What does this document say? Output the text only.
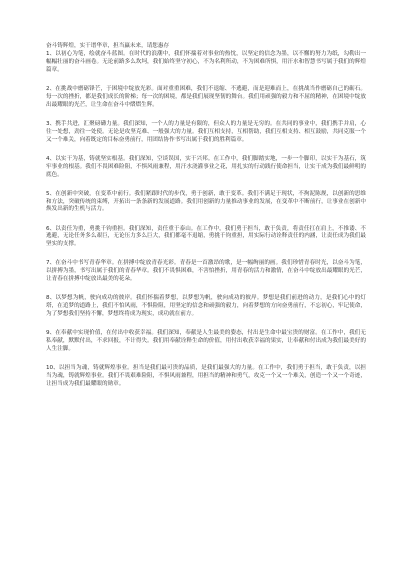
奋斗铸辉煌，实干谱华章，担当赢未来，请您惠存
1、以初心为笔，绘就奋斗蓝图。在时代的浪潮中，我们怀揣着对事业的热忱，以坚定的信念为墨，以不懈的努力为纸，勾勒出一幅幅壮丽的奋斗画卷。无论前路多么坎坷，我们始终坚守初心，不为名利所动，不为困难所惧，用汗水和智慧书写属于我们的辉煌篇章。
2、在挑战中磨砺锋芒，于困境中绽放光彩。面对重重困难，我们不退缩、不逃避，而是迎难而上，在挑战当作磨砺自己的砺石。每一次的挫折，都是我们成长的阶梯；每一次的困境，都是我们展现坚韧的舞台。我们用顽强的毅力和不屈的精神，在困境中绽放出最耀眼的光芒，让生命在奋斗中熠熠生辉。
3、携手共进，汇聚磅礴力量。我们深知，一个人的力量是有限的，但众人的力量是无穷的。在共同的事业中，我们携手并肩，心往一处想，劲往一处使。无论是攻坚克难、一般强大的力量。我们互相支持，互相帮助，我们互相支持、相互鼓励，共同克服一个又一个难关，向着既定的目标奋勇前行，用团结协作书写出属于我们的胜利篇章。
4、以实干为基，铸就坚实根基。我们深知，空谈误国，实干兴邦。在工作中，我们脚踏实地，一步一个脚印，以实干为基石，筑牢事业的根基。我们不畏困难险阻，不惧风雨兼程，用汗水浇灌事业之花，用扎实的行动践行使命担当，让实干成为我们最鲜明的底色。
5、在创新中突破，在变革中前行。我们紧跟时代的步伐，勇于创新，敢于变革。我们不满足于现状，不拘泥陈规，以创新的思维和方法，突破传统的束缚，开拓出一条条新的发展道路。我们用创新的力量推动事业的发展，在变革中不断前行，让事业在创新中焕发出新的生机与活力。
6、以责任为重，勇挑千钧重担。我们深知，责任重于泰山。在工作中，我们勇于担当，敢于负责，将责任扛在肩上，不推诿、不逃避，无论任务多么艰巨，无论压力多么巨大，我们都毫不退缩，勇挑千钧重担，用实际行动诠释责任的内涵，让责任成为我们最坚实的支撑。
7、在奋斗中书写青春华章。在拼搏中绽放青春光彩。青春是一首激昂的歌，是一幅绚丽的画。我们珍惜青春时光，以奋斗为笔，以拼搏为墨，书写出属于我们的青春华章。我们不畏惧困难，不害怕挫折，用青春的活力和激情，在奋斗中绽放出最耀眼的光芒，让青春在拼搏中绽放出最美的花朵。
8、以梦想为帆，驶向成功的彼岸。我们怀揣着梦想，以梦想为帆，驶向成功的彼岸。梦想是我们前进的动力，是我们心中的灯塔，在追梦的道路上，我们不怕风雨，不惧险阻，用坚定的信念和顽强的毅力，向着梦想的方向奋勇前行，不忘初心，牢记使命，为了梦想我们坚持不懈，梦想终将成为现实，成功就在前方。
9、在奉献中实现价值，在付出中收获幸福。我们深知，奉献是人生最美的姿态，付出是生命中最宝贵的财富。在工作中，我们无私奉献，默默付出，不求回报，不计得失。我们用奉献诠释生命的价值，用付出收获幸福的果实，让奉献和付出成为我们最美好的人生注脚。
10、以担当为魂，铸就辉煌事业。担当是我们最可贵的品质，是我们最强大的力量。在工作中，我们勇于担当，敢于负责，以担当为魂，铸就辉煌事业。我们不畏艰难险阻，不惧风雨兼程，用担当的精神和勇气，攻克一个又一个难关，创造一个又一个奇迹，让担当成为我们最耀眼的勋章。
